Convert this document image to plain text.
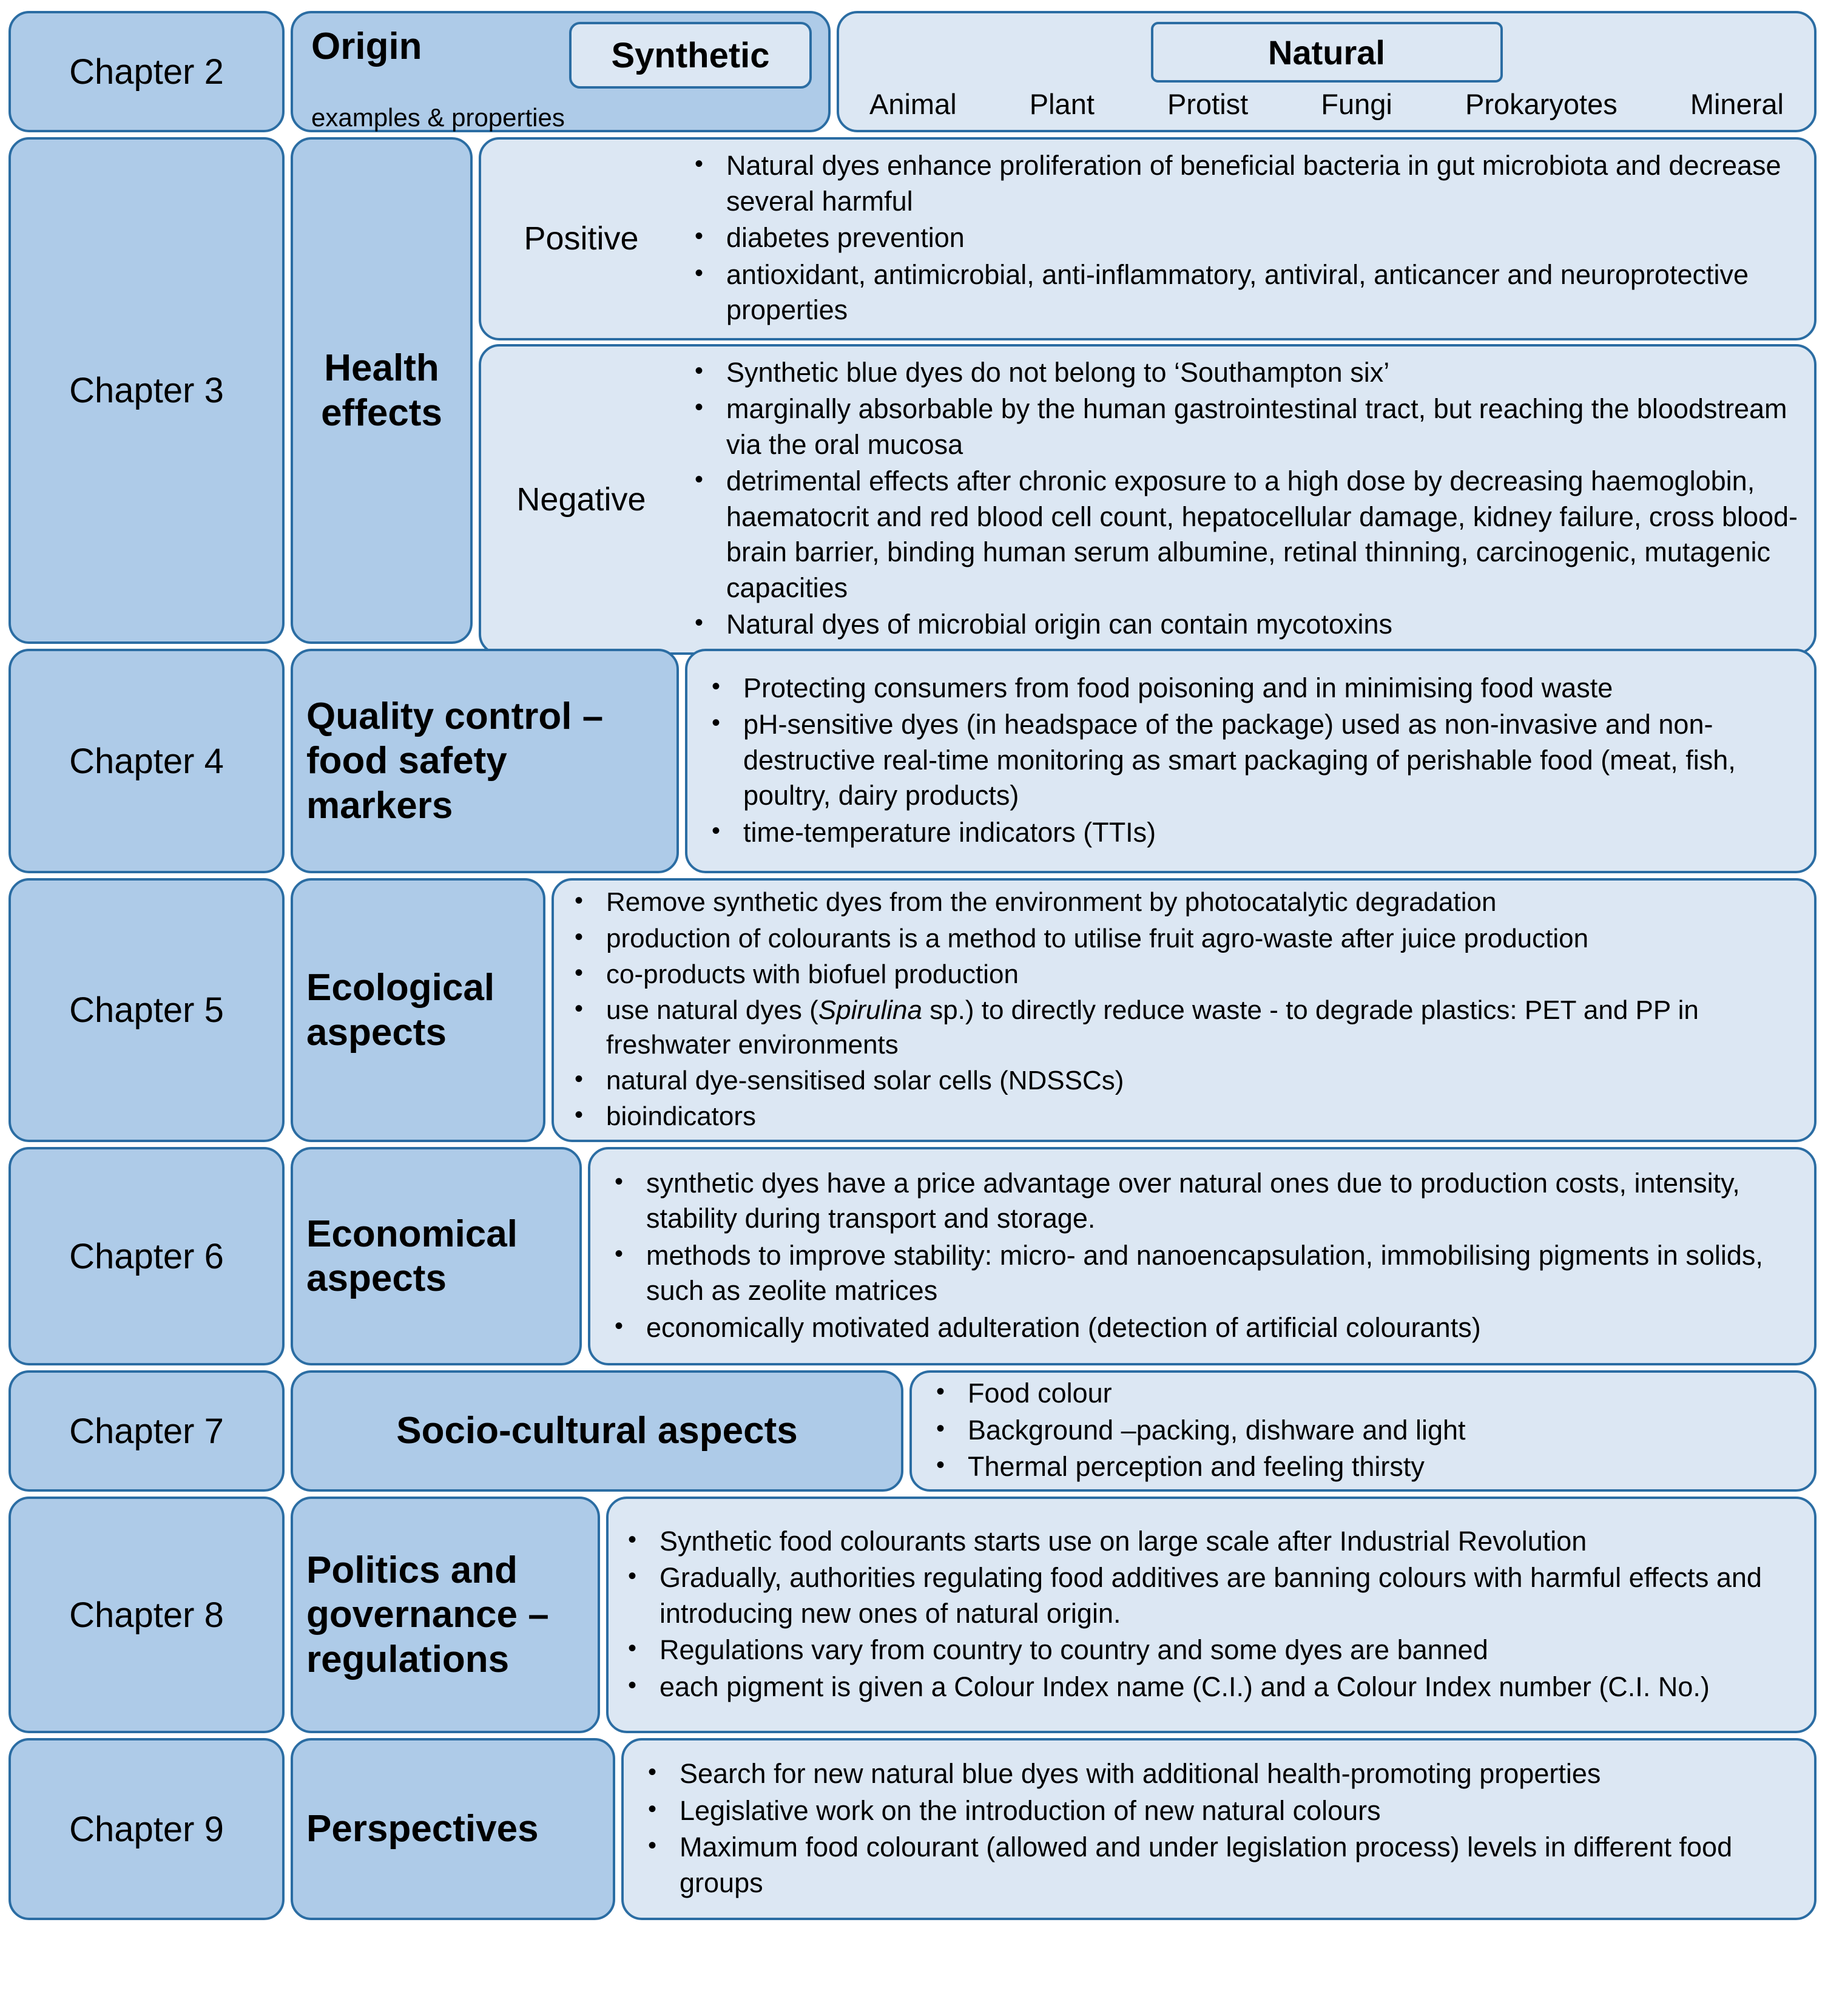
Chapter 2
Origin
examples & properties
Synthetic	Natural
Animal	Plant	Protist	Fungi	Prokaryotes	Mineral
Chapter 3
Health effects
Positive
• Natural dyes enhance proliferation of beneficial bacteria in gut microbiota and decrease several harmful
• diabetes prevention
• antioxidant, antimicrobial, anti-inflammatory, antiviral, anticancer and neuroprotective properties
Negative
• Synthetic blue dyes do not belong to ‘Southampton six’
• marginally absorbable by the human gastrointestinal tract, but reaching the bloodstream via the oral mucosa
• detrimental effects after chronic exposure to a high dose by decreasing haemoglobin, haematocrit and red blood cell count, hepatocellular damage, kidney failure, cross blood-brain barrier, binding human serum albumine, retinal thinning, carcinogenic, mutagenic capacities
• Natural dyes of microbial origin can contain mycotoxins
Chapter 4
Quality control – food safety markers
• Protecting consumers from food poisoning and in minimising food waste
• pH-sensitive dyes (in headspace of the package) used as non-invasive and non-destructive real-time monitoring as smart packaging of perishable food (meat, fish, poultry, dairy products)
• time-temperature indicators (TTIs)
Chapter 5
Ecological aspects
• Remove synthetic dyes from the environment by photocatalytic degradation
• production of colourants is a method to utilise fruit agro-waste after juice production
• co-products with biofuel production
• use natural dyes (Spirulina sp.) to directly reduce waste - to degrade plastics: PET and PP in freshwater environments
• natural dye-sensitised solar cells (NDSSCs)
• bioindicators
Chapter 6
Economical aspects
• synthetic dyes have a price advantage over natural ones due to production costs, intensity, stability during transport and storage.
• methods to improve stability: micro- and nanoencapsulation, immobilising pigments in solids, such as zeolite matrices
• economically motivated adulteration (detection of artificial colourants)
Chapter 7	Socio-cultural aspects
• Food colour
• Background –packing, dishware and light
• Thermal perception and feeling thirsty
Chapter 8
Politics and governance – regulations
• Synthetic food colourants starts use on large scale after Industrial Revolution
• Gradually, authorities regulating food additives are banning colours with harmful effects and introducing new ones of natural origin.
• Regulations vary from country to country and some dyes are banned
• each pigment is given a Colour Index name (C.I.) and a Colour Index number (C.I. No.)
Chapter 9	Perspectives
• Search for new natural blue dyes with additional health-promoting properties
• Legislative work on the introduction of new natural colours
• Maximum food colourant (allowed and under legislation process) levels in different food groups
